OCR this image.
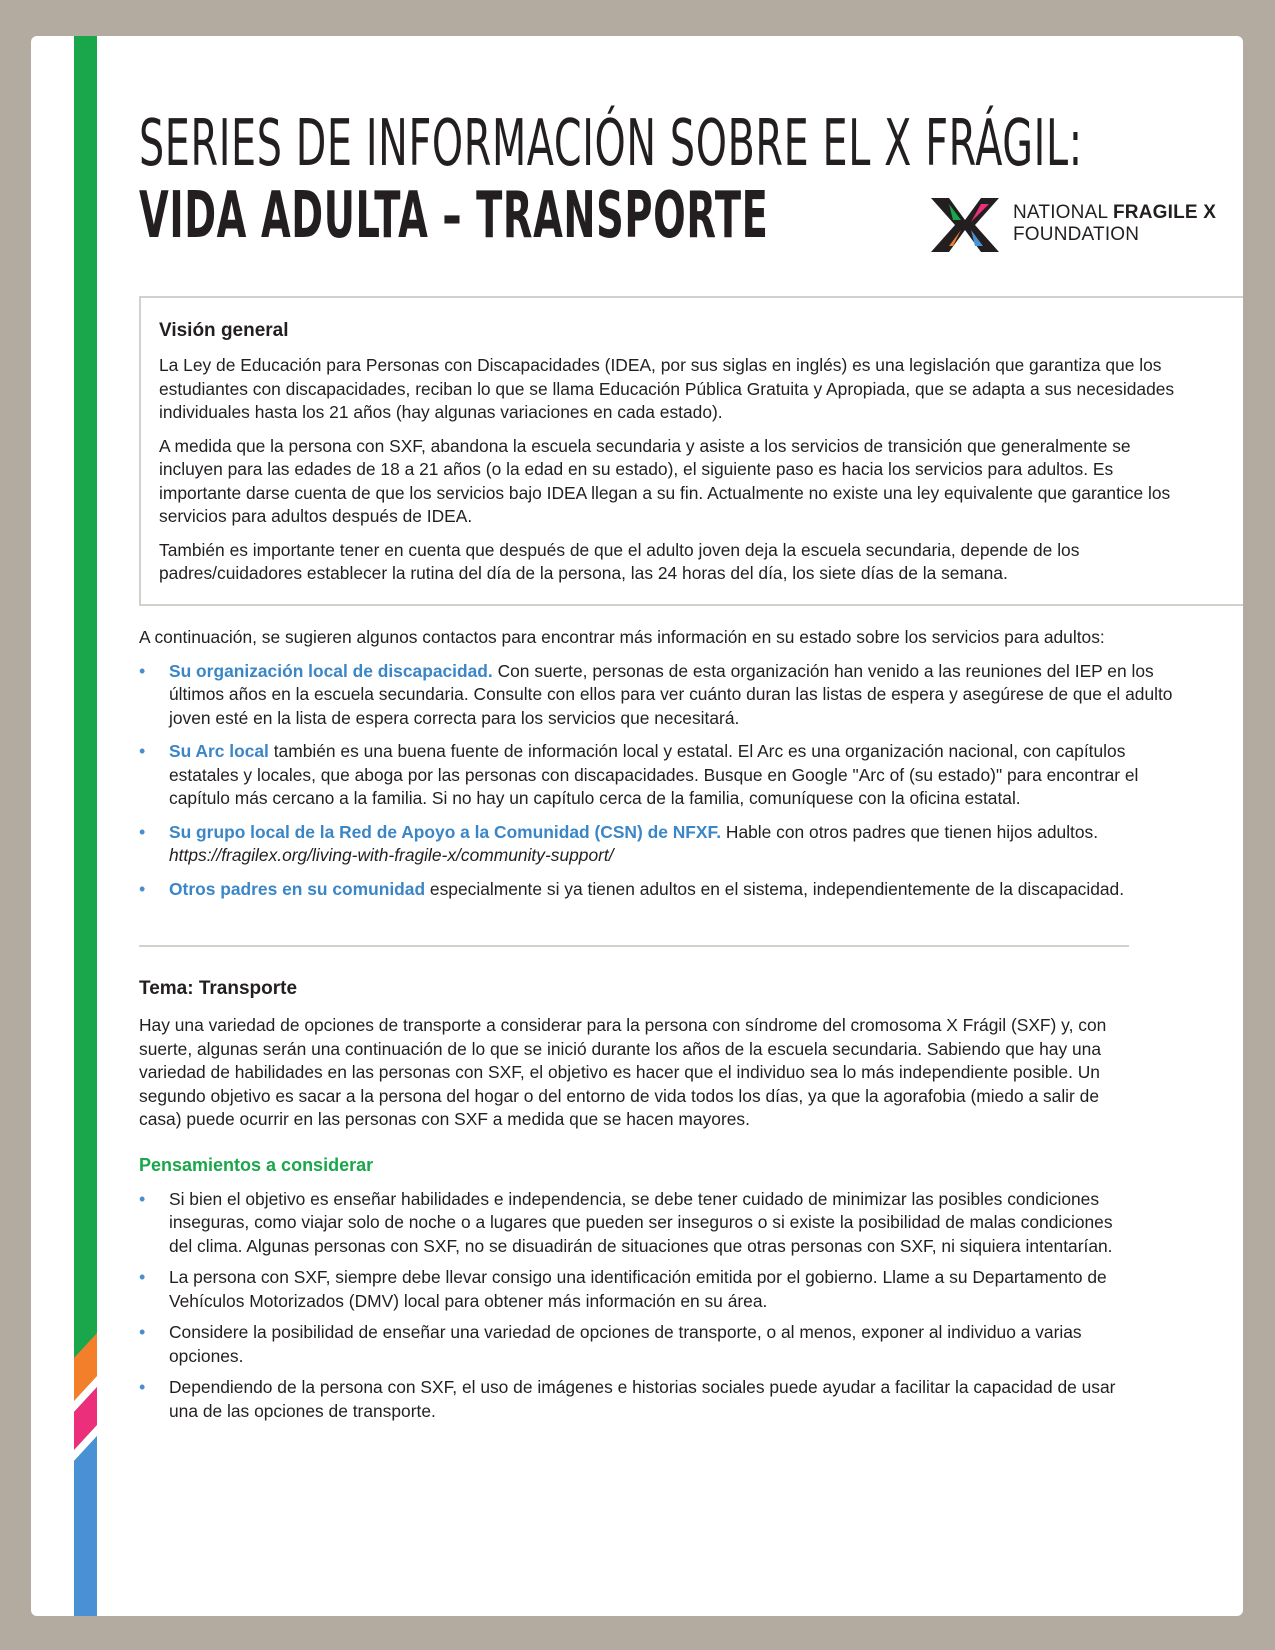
SERIES DE INFORMACIÓN SOBRE EL X FRÁGIL:
VIDA ADULTA – TRANSPORTE	NATIONAL FRAGILE X
FOUNDATION
Visión general

La Ley de Educación para Personas con Discapacidades (IDEA, por sus siglas en inglés) es una legislación que garantiza que los estudiantes con discapacidades, reciban lo que se llama Educación Pública Gratuita y Apropiada, que se adapta a sus necesidades individuales hasta los 21 años (hay algunas variaciones en cada estado).

A medida que la persona con SXF, abandona la escuela secundaria y asiste a los servicios de transición que generalmente se incluyen para las edades de 18 a 21 años (o la edad en su estado), el siguiente paso es hacia los servicios para adultos. Es importante darse cuenta de que los servicios bajo IDEA llegan a su fin. Actualmente no existe una ley equivalente que garantice los servicios para adultos después de IDEA.

También es importante tener en cuenta que después de que el adulto joven deja la escuela secundaria, depende de los padres/cuidadores establecer la rutina del día de la persona, las 24 horas del día, los siete días de la semana.

A continuación, se sugieren algunos contactos para encontrar más información en su estado sobre los servicios para adultos:

• Su organización local de discapacidad. Con suerte, personas de esta organización han venido a las reuniones del IEP en los últimos años en la escuela secundaria. Consulte con ellos para ver cuánto duran las listas de espera y asegúrese de que el adulto joven esté en la lista de espera correcta para los servicios que necesitará.
• Su Arc local también es una buena fuente de información local y estatal. El Arc es una organización nacional, con capítulos estatales y locales, que aboga por las personas con discapacidades. Busque en Google "Arc of (su estado)" para encontrar el capítulo más cercano a la familia. Si no hay un capítulo cerca de la familia, comuníquese con la oficina estatal.
• Su grupo local de la Red de Apoyo a la Comunidad (CSN) de NFXF. Hable con otros padres que tienen hijos adultos.
https://fragilex.org/living-with-fragile-x/community-support/
• Otros padres en su comunidad especialmente si ya tienen adultos en el sistema, independientemente de la discapacidad.
Tema: Transporte

Hay una variedad de opciones de transporte a considerar para la persona con síndrome del cromosoma X Frágil (SXF) y, con suerte, algunas serán una continuación de lo que se inició durante los años de la escuela secundaria. Sabiendo que hay una variedad de habilidades en las personas con SXF, el objetivo es hacer que el individuo sea lo más independiente posible. Un segundo objetivo es sacar a la persona del hogar o del entorno de vida todos los días, ya que la agorafobia (miedo a salir de casa) puede ocurrir en las personas con SXF a medida que se hacen mayores.

Pensamientos a considerar
• Si bien el objetivo es enseñar habilidades e independencia, se debe tener cuidado de minimizar las posibles condiciones inseguras, como viajar solo de noche o a lugares que pueden ser inseguros o si existe la posibilidad de malas condiciones del clima. Algunas personas con SXF, no se disuadirán de situaciones que otras personas con SXF, ni siquiera intentarían.
• La persona con SXF, siempre debe llevar consigo una identificación emitida por el gobierno. Llame a su Departamento de Vehículos Motorizados (DMV) local para obtener más información en su área.
• Considere la posibilidad de enseñar una variedad de opciones de transporte, o al menos, exponer al individuo a varias opciones.
• Dependiendo de la persona con SXF, el uso de imágenes e historias sociales puede ayudar a facilitar la capacidad de usar una de las opciones de transporte.
